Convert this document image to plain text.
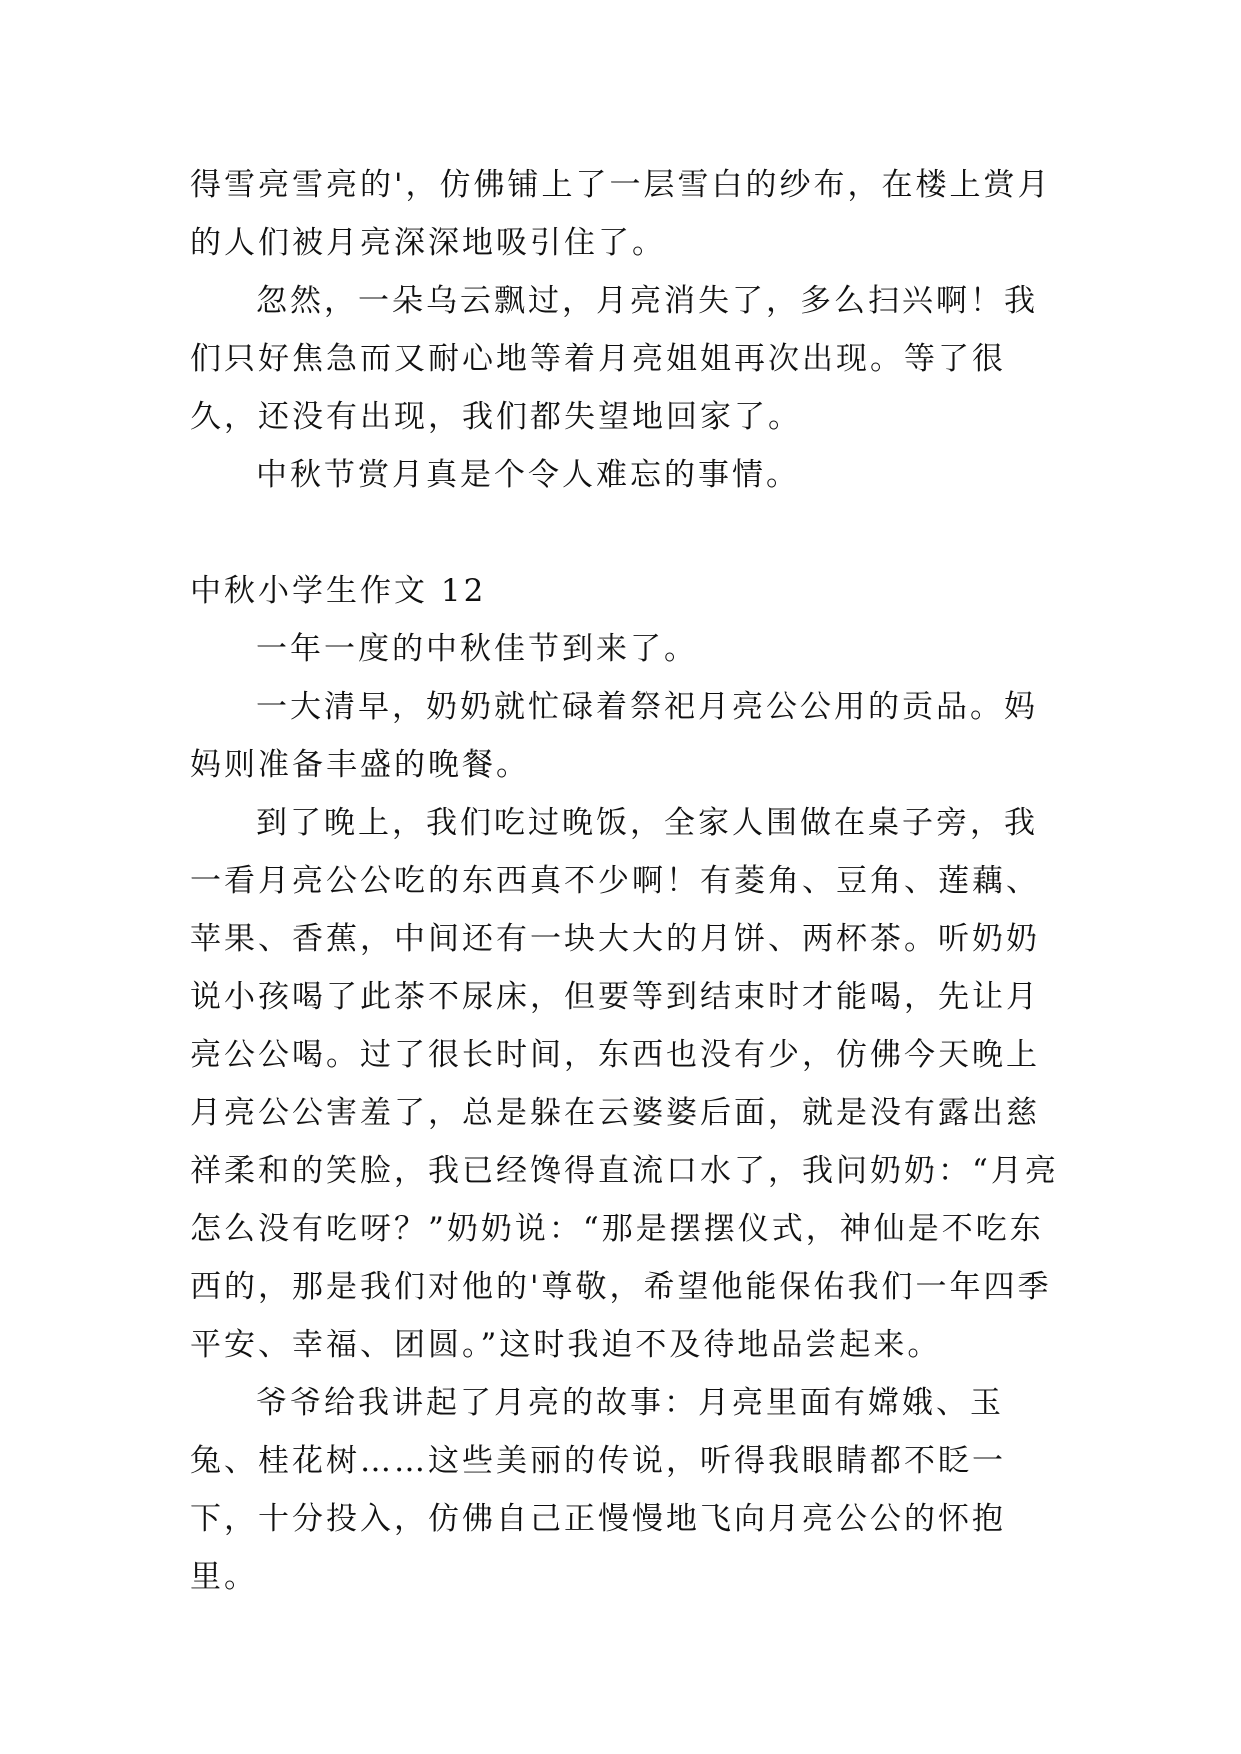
得雪亮雪亮的'，仿佛铺上了一层雪白的纱布，在楼上赏月的人们被月亮深深地吸引住了。

忽然，一朵乌云飘过，月亮消失了，多么扫兴啊！我们只好焦急而又耐心地等着月亮姐姐再次出现。等了很久，还没有出现，我们都失望地回家了。

中秋节赏月真是个令人难忘的事情。

中秋小学生作文 12

一年一度的中秋佳节到来了。

一大清早，奶奶就忙碌着祭祀月亮公公用的贡品。妈妈则准备丰盛的晚餐。

到了晚上，我们吃过晚饭，全家人围做在桌子旁，我一看月亮公公吃的东西真不少啊！有菱角、豆角、莲藕、苹果、香蕉，中间还有一块大大的月饼、两杯茶。听奶奶说小孩喝了此茶不尿床，但要等到结束时才能喝，先让月亮公公喝。过了很长时间，东西也没有少，仿佛今天晚上月亮公公害羞了，总是躲在云婆婆后面，就是没有露出慈祥柔和的笑脸，我已经馋得直流口水了，我问奶奶：“月亮怎么没有吃呀？”奶奶说：“那是摆摆仪式，神仙是不吃东西的，那是我们对他的'尊敬，希望他能保佑我们一年四季平安、幸福、团圆。”这时我迫不及待地品尝起来。

爷爷给我讲起了月亮的故事：月亮里面有嫦娥、玉兔、桂花树……这些美丽的传说，听得我眼睛都不眨一下，十分投入，仿佛自己正慢慢地飞向月亮公公的怀抱里。
